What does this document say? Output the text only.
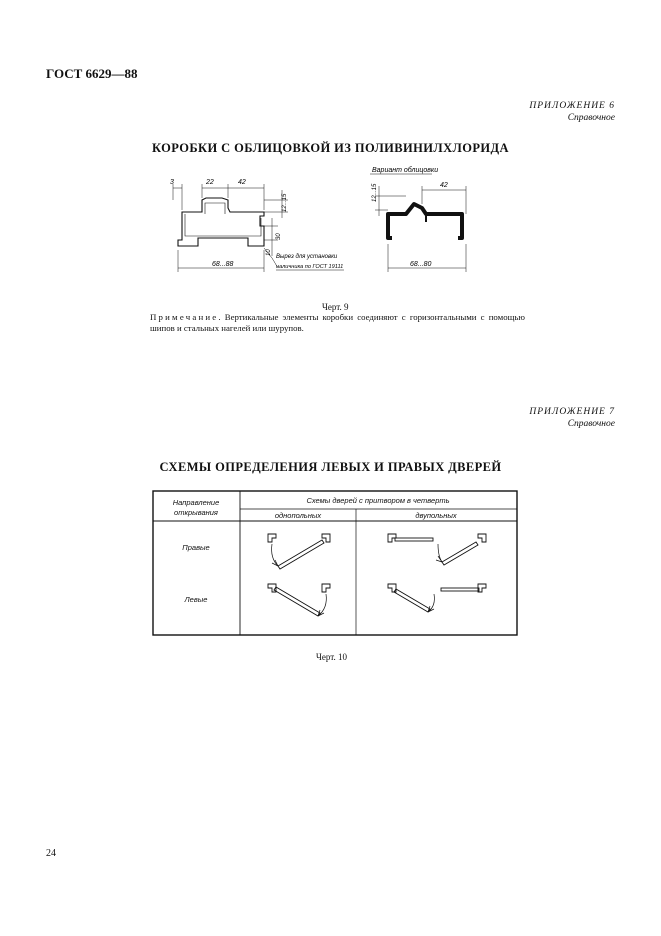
ГОСТ 6629—88
ПРИЛОЖЕНИЕ 6
Справочное
КОРОБКИ С ОБЛИЦОВКОЙ ИЗ ПОЛИВИНИЛХЛОРИДА
3	22	42
12...15
30
10
68...88
Вырез для установки
наличника по ГОСТ 19111
Вариант облицовки
12...15	42
68...80
Черт. 9
Примечание. Вертикальные элементы коробки соединяют с горизонтальными с помощью шипов и стальных нагелей или шурупов.
ПРИЛОЖЕНИЕ 7
Справочное
СХЕМЫ ОПРЕДЕЛЕНИЯ ЛЕВЫХ И ПРАВЫХ ДВЕРЕЙ
Направление
открывания
Схемы дверей с притвором в четверть
однопольных	двупольных
Правые
Левые
Черт. 10
24
